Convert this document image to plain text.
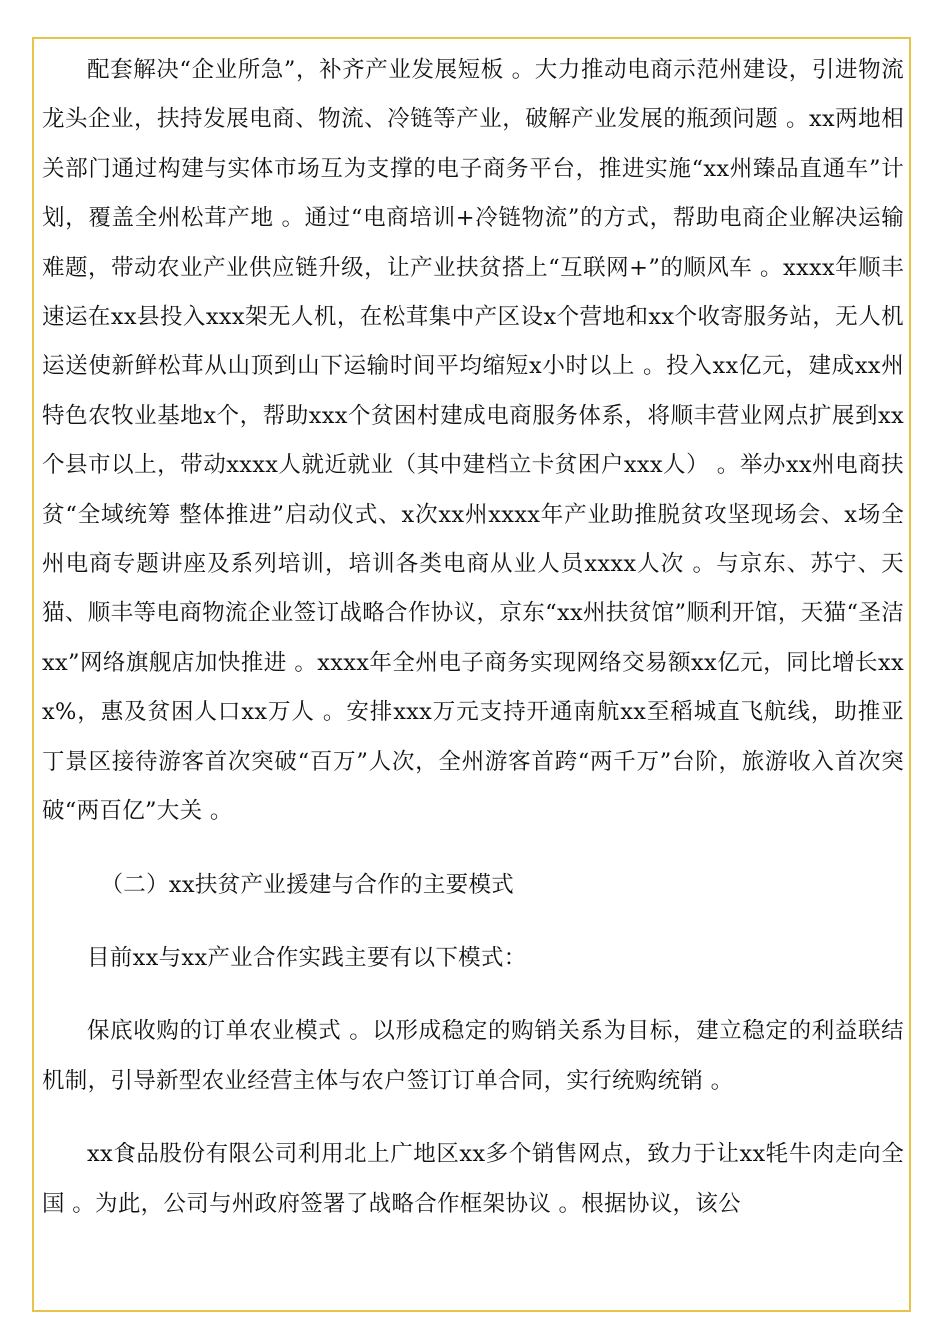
配套解决“企业所急”，补齐产业发展短板 。大力推动电商示范州建设，引进物流龙头企业，扶持发展电商、物流、冷链等产业，破解产业发展的瓶颈问题 。xx两地相关部门通过构建与实体市场互为支撑的电子商务平台，推进实施“xx州臻品直通车”计划，覆盖全州松茸产地 。通过“电商培训+冷链物流”的方式，帮助电商企业解决运输难题，带动农业产业供应链升级，让产业扶贫搭上“互联网+”的顺风车 。xxxx年顺丰速运在xx县投入xxx架无人机，在松茸集中产区设x个营地和xx个收寄服务站，无人机运送使新鲜松茸从山顶到山下运输时间平均缩短x小时以上 。投入xx亿元，建成xx州特色农牧业基地x个，帮助xxx个贫困村建成电商服务体系，将顺丰营业网点扩展到xx个县市以上，带动xxxx人就近就业（其中建档立卡贫困户xxx人） 。举办xx州电商扶贫“全域统筹 整体推进”启动仪式、x次xx州xxxx年产业助推脱贫攻坚现场会、x场全州电商专题讲座及系列培训，培训各类电商从业人员xxxx人次 。与京东、苏宁、天猫、顺丰等电商物流企业签订战略合作协议，京东“xx州扶贫馆”顺利开馆，天猫“圣洁xx”网络旗舰店加快推进 。xxxx年全州电子商务实现网络交易额xx亿元，同比增长xxx%，惠及贫困人口xx万人 。安排xxx万元支持开通南航xx至稻城直飞航线，助推亚丁景区接待游客首次突破“百万”人次，全州游客首跨“两千万”台阶，旅游收入首次突破“两百亿”大关 。

（二）xx扶贫产业援建与合作的主要模式

目前xx与xx产业合作实践主要有以下模式：

保底收购的订单农业模式 。以形成稳定的购销关系为目标，建立稳定的利益联结机制，引导新型农业经营主体与农户签订订单合同，实行统购统销 。

xx食品股份有限公司利用北上广地区xx多个销售网点，致力于让xx牦牛肉走向全国 。为此，公司与州政府签署了战略合作框架协议 。根据协议，该公
